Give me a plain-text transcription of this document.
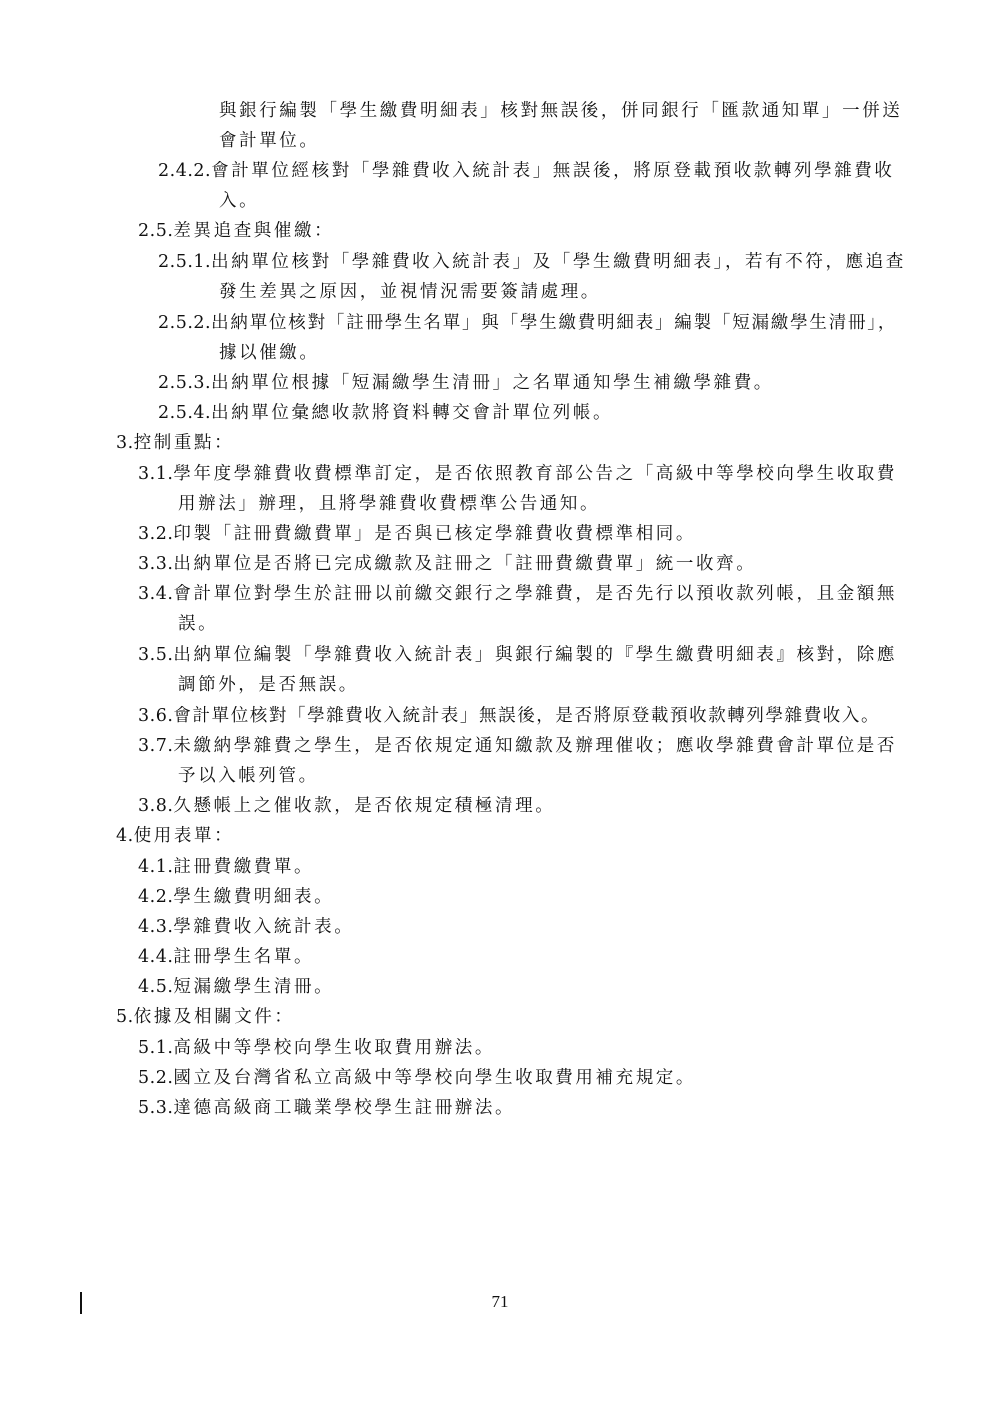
與銀行編製「學生繳費明細表」核對無誤後，併同銀行「匯款通知單」一併送
會計單位。
2.4.2.會計單位經核對「學雜費收入統計表」無誤後，將原登載預收款轉列學雜費收
入。
2.5.差異追查與催繳：
2.5.1.出納單位核對「學雜費收入統計表」及「學生繳費明細表」，若有不符，應追查
發生差異之原因，並視情況需要簽請處理。
2.5.2.出納單位核對「註冊學生名單」與「學生繳費明細表」編製「短漏繳學生清冊」，
據以催繳。
2.5.3.出納單位根據「短漏繳學生清冊」之名單通知學生補繳學雜費。
2.5.4.出納單位彙總收款將資料轉交會計單位列帳。
3.控制重點：
3.1.學年度學雜費收費標準訂定，是否依照教育部公告之「高級中等學校向學生收取費
用辦法」辦理，且將學雜費收費標準公告通知。
3.2.印製「註冊費繳費單」是否與已核定學雜費收費標準相同。
3.3.出納單位是否將已完成繳款及註冊之「註冊費繳費單」統一收齊。
3.4.會計單位對學生於註冊以前繳交銀行之學雜費，是否先行以預收款列帳，且金額無
誤。
3.5.出納單位編製「學雜費收入統計表」與銀行編製的『學生繳費明細表』核對，除應
調節外，是否無誤。
3.6.會計單位核對「學雜費收入統計表」無誤後，是否將原登載預收款轉列學雜費收入。
3.7.未繳納學雜費之學生，是否依規定通知繳款及辦理催收；應收學雜費會計單位是否
予以入帳列管。
3.8.久懸帳上之催收款，是否依規定積極清理。
4.使用表單：
4.1.註冊費繳費單。
4.2.學生繳費明細表。
4.3.學雜費收入統計表。
4.4.註冊學生名單。
4.5.短漏繳學生清冊。
5.依據及相關文件：
5.1.高級中等學校向學生收取費用辦法。
5.2.國立及台灣省私立高級中等學校向學生收取費用補充規定。
5.3.達德高級商工職業學校學生註冊辦法。
71
